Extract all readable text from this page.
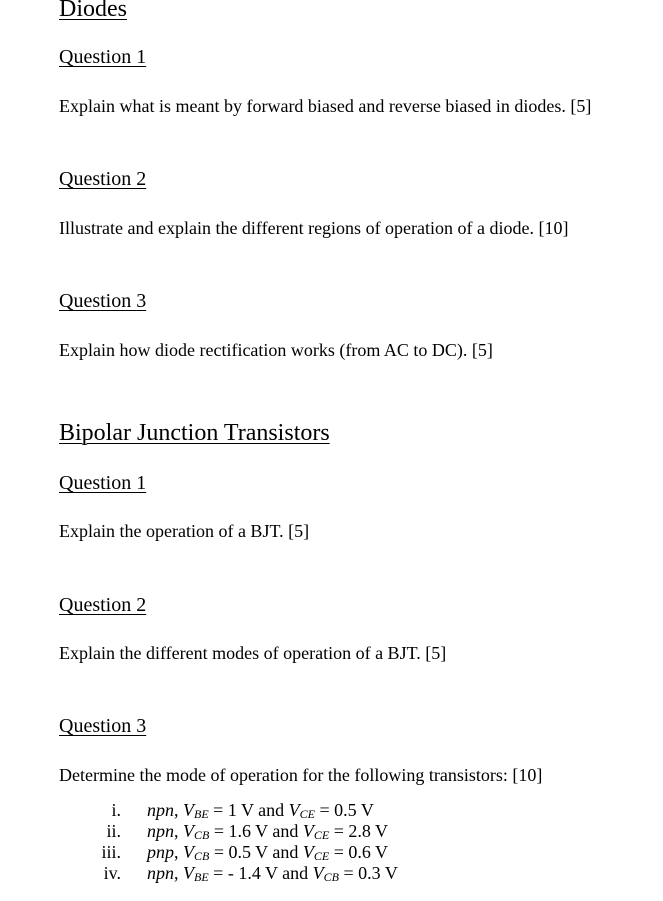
Diodes
Question 1
Explain what is meant by forward biased and reverse biased in diodes. [5]
Question 2
Illustrate and explain the different regions of operation of a diode. [10]
Question 3
Explain how diode rectification works (from AC to DC). [5]
Bipolar Junction Transistors
Question 1
Explain the operation of a BJT. [5]
Question 2
Explain the different modes of operation of a BJT. [5]
Question 3
Determine the mode of operation for the following transistors: [10]
i. npn, VBE = 1 V and VCE = 0.5 V
ii. npn, VCB = 1.6 V and VCE = 2.8 V
iii. pnp, VCB = 0.5 V and VCE = 0.6 V
iv. npn, VBE = - 1.4 V and VCB = 0.3 V
